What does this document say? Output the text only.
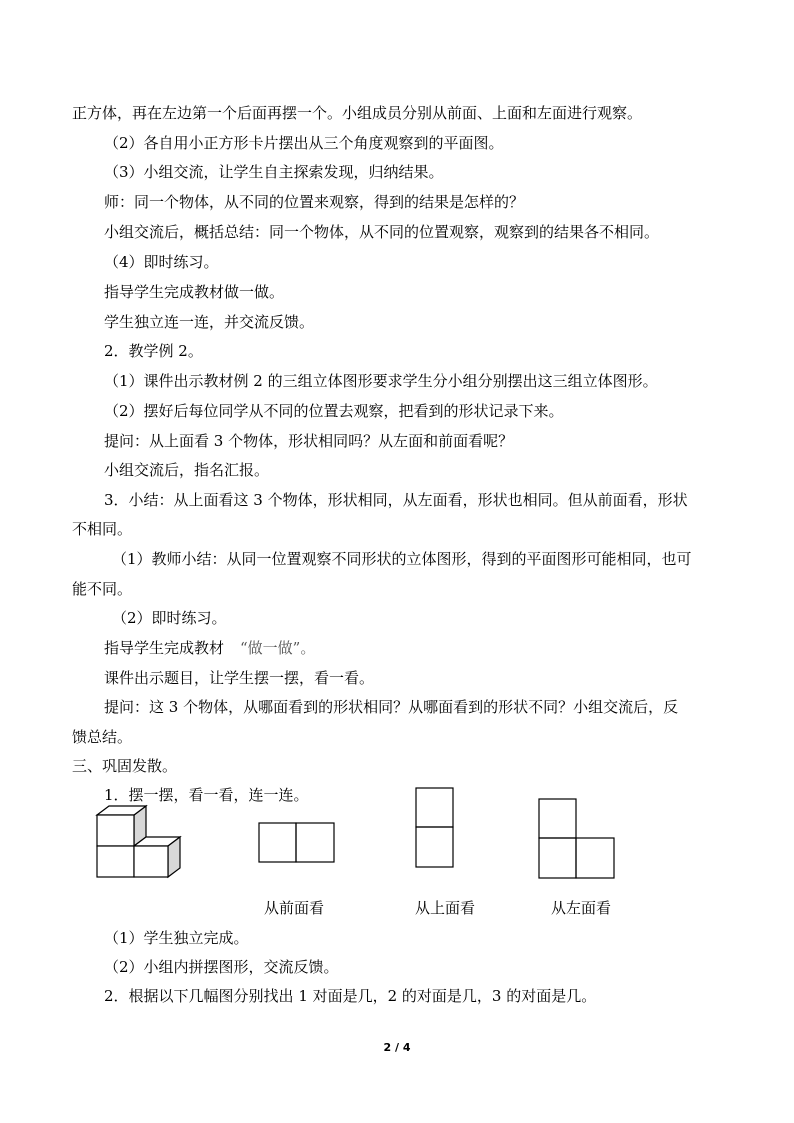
正方体，再在左边第一个后面再摆一个。小组成员分别从前面、上面和左面进行观察。
（2）各自用小正方形卡片摆出从三个角度观察到的平面图。
（3）小组交流，让学生自主探索发现，归纳结果。
师：同一个物体，从不同的位置来观察，得到的结果是怎样的？
小组交流后，概括总结：同一个物体，从不同的位置观察，观察到的结果各不相同。
（4）即时练习。
指导学生完成教材做一做。
学生独立连一连，并交流反馈。
2．教学例 2。
（1）课件出示教材例 2 的三组立体图形要求学生分小组分别摆出这三组立体图形。
（2）摆好后每位同学从不同的位置去观察，把看到的形状记录下来。
提问：从上面看 3 个物体，形状相同吗？从左面和前面看呢？
小组交流后，指名汇报。
3．小结：从上面看这 3 个物体，形状相同，从左面看，形状也相同。但从前面看，形状
不相同。
（1）教师小结：从同一位置观察不同形状的立体图形，得到的平面图形可能相同，也可
能不同。
（2）即时练习。
指导学生完成教材 “做一做”。
课件出示题目，让学生摆一摆，看一看。
提问：这 3 个物体，从哪面看到的形状相同？从哪面看到的形状不同？小组交流后，反
馈总结。
三、巩固发散。
1．摆一摆，看一看，连一连。
从前面看	从上面看	从左面看
（1）学生独立完成。
（2）小组内拼摆图形，交流反馈。
2．根据以下几幅图分别找出 1 对面是几，2 的对面是几，3 的对面是几。
2 / 4
